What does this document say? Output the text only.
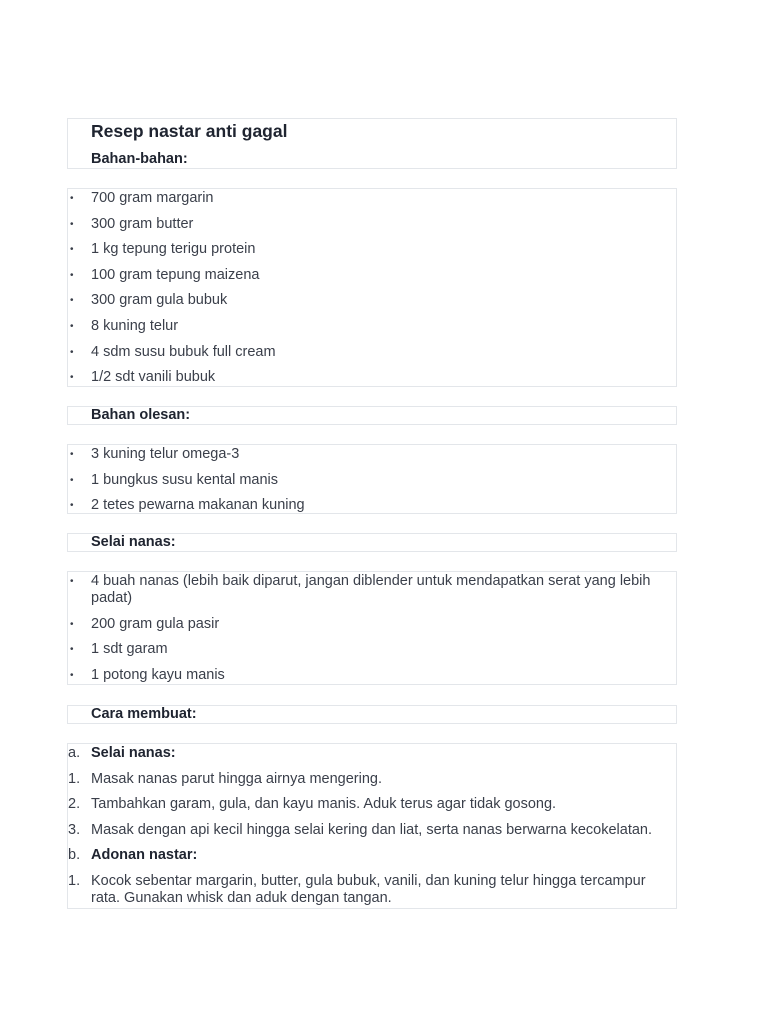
Resep nastar anti gagal
Bahan-bahan:
• 700 gram margarin
• 300 gram butter
• 1 kg tepung terigu protein
• 100 gram tepung maizena
• 300 gram gula bubuk
• 8 kuning telur
• 4 sdm susu bubuk full cream
• 1/2 sdt vanili bubuk
Bahan olesan:
• 3 kuning telur omega-3
• 1 bungkus susu kental manis
• 2 tetes pewarna makanan kuning
Selai nanas:
• 4 buah nanas (lebih baik diparut, jangan diblender untuk mendapatkan serat yang lebih padat)
• 200 gram gula pasir
• 1 sdt garam
• 1 potong kayu manis
Cara membuat:
a. Selai nanas:
1. Masak nanas parut hingga airnya mengering.
2. Tambahkan garam, gula, dan kayu manis. Aduk terus agar tidak gosong.
3. Masak dengan api kecil hingga selai kering dan liat, serta nanas berwarna kecokelatan.
b. Adonan nastar:
1. Kocok sebentar margarin, butter, gula bubuk, vanili, dan kuning telur hingga tercampur rata. Gunakan whisk dan aduk dengan tangan.
